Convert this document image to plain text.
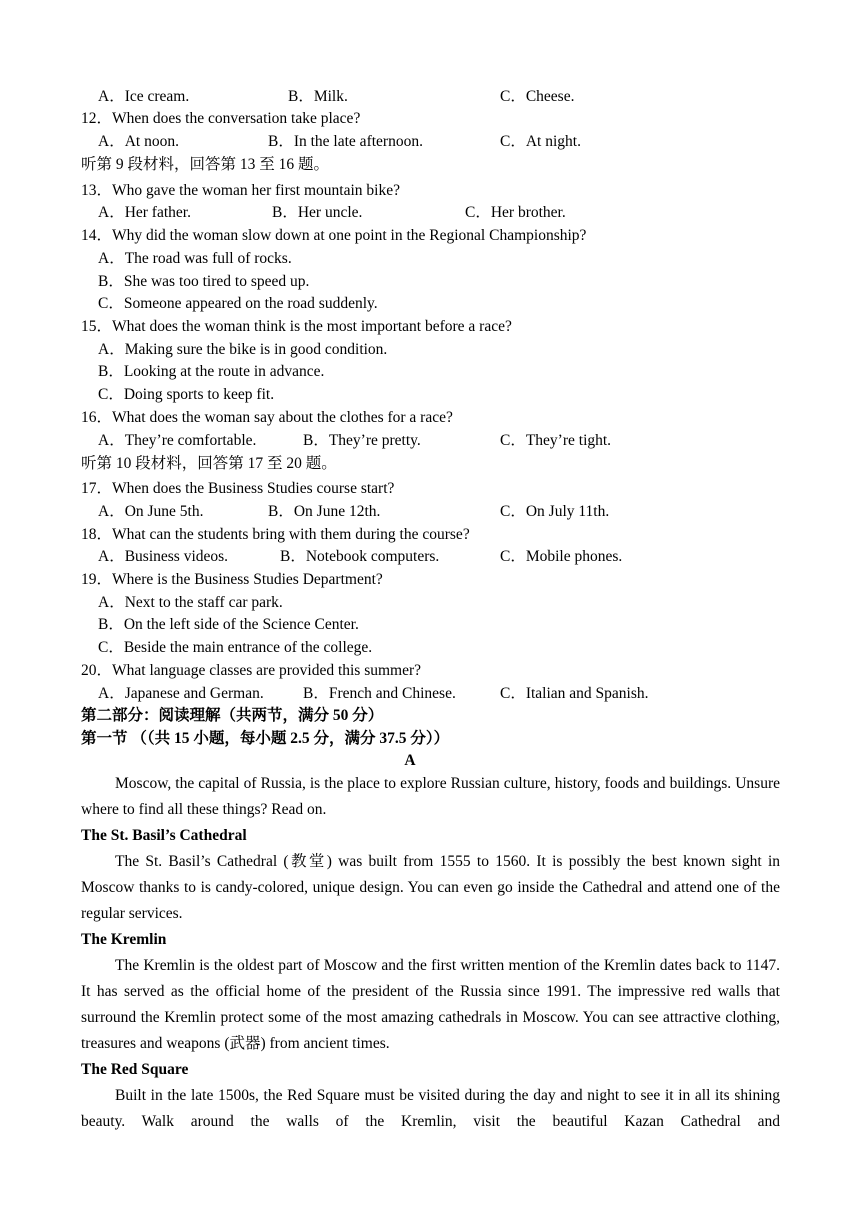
A．Ice cream.	B．Milk.	C．Cheese.
12．When does the conversation take place?
A．At noon.	B．In the late afternoon.	C．At night.
听第 9 段材料，回答第 13 至 16 题。
13．Who gave the woman her first mountain bike?
A．Her father.	B．Her uncle.	C．Her brother.
14．Why did the woman slow down at one point in the Regional Championship?
A．The road was full of rocks.
B．She was too tired to speed up.
C．Someone appeared on the road suddenly.
15．What does the woman think is the most important before a race?
A．Making sure the bike is in good condition.
B．Looking at the route in advance.
C．Doing sports to keep fit.
16．What does the woman say about the clothes for a race?
A．They’re comfortable.	B．They’re pretty.	C．They’re tight.
听第 10 段材料，回答第 17 至 20 题。
17．When does the Business Studies course start?
A．On June 5th.	B．On June 12th.	C．On July 11th.
18．What can the students bring with them during the course?
A．Business videos.	B．Notebook computers.	C．Mobile phones.
19．Where is the Business Studies Department?
A．Next to the staff car park.
B．On the left side of the Science Center.
C．Beside the main entrance of the college.
20．What language classes are provided this summer?
A．Japanese and German.	B．French and Chinese.	C．Italian and Spanish.
第二部分：阅读理解（共两节，满分 50 分）
第一节 （（共 15 小题，每小题 2.5 分，满分 37.5 分））
A
Moscow, the capital of Russia, is the place to explore Russian culture, history, foods and buildings. Unsure where to find all these things? Read on.
The St. Basil’s Cathedral
The St. Basil’s Cathedral (教堂) was built from 1555 to 1560. It is possibly the best known sight in Moscow thanks to is candy-colored, unique design. You can even go inside the Cathedral and attend one of the regular services.
The Kremlin
The Kremlin is the oldest part of Moscow and the first written mention of the Kremlin dates back to 1147. It has served as the official home of the president of the Russia since 1991. The impressive red walls that surround the Kremlin protect some of the most amazing cathedrals in Moscow. You can see attractive clothing, treasures and weapons (武器) from ancient times.
The Red Square
Built in the late 1500s, the Red Square must be visited during the day and night to see it in all its shining beauty. Walk around the walls of the Kremlin, visit the beautiful Kazan Cathedral and
